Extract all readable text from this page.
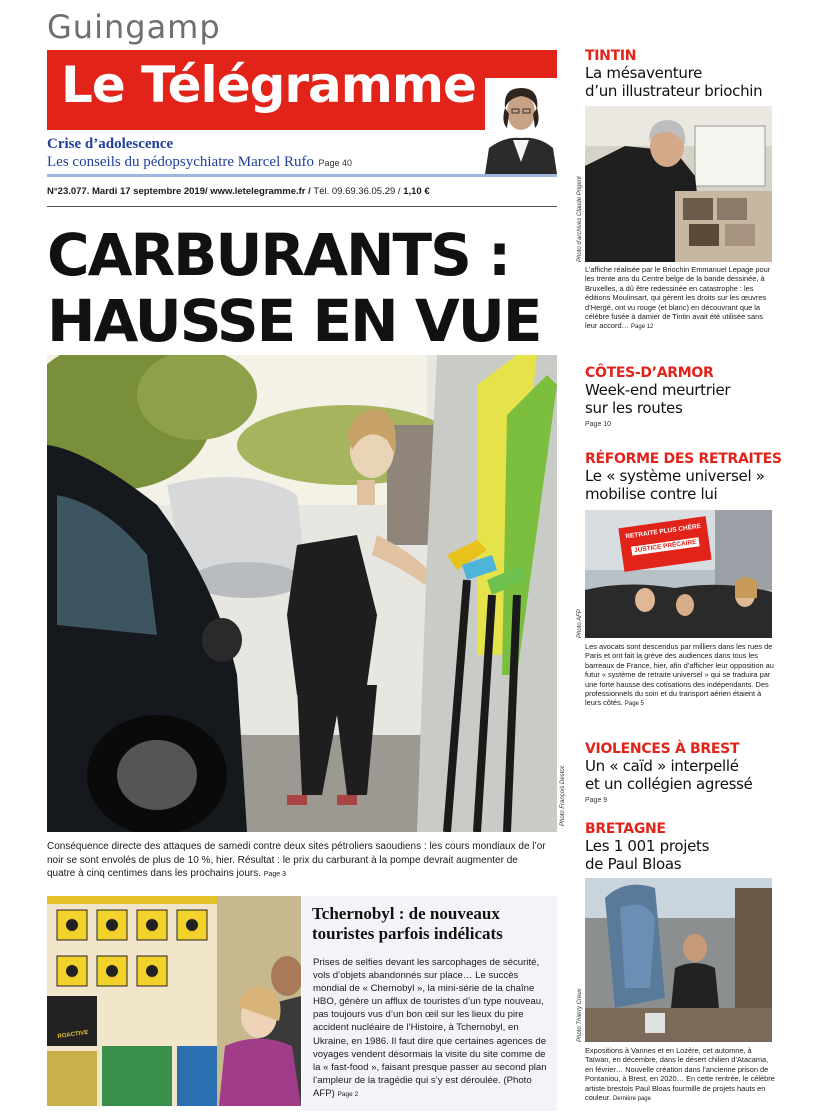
Guingamp
Le Télégramme
Crise d’adolescence
Les conseils du pédopsychiatre Marcel Rufo Page 40
N°23.077. Mardi 17 septembre 2019/ www.letelegramme.fr / Tél. 09.69.36.05.29 / 1,10 €
CARBURANTS :
HAUSSE EN VUE
Photo François Destoc
Conséquence directe des attaques de samedi contre deux sites pétroliers saoudiens : les cours mondiaux de l’or noir se sont envolés de plus de 10 %, hier. Résultat : le prix du carburant à la pompe devrait augmenter de quatre à cinq centimes dans les prochains jours. Page 3
ROACTIVE
Tchernobyl : de nouveaux touristes parfois indélicats
Prises de selfies devant les sarcophages de sécurité, vols d’objets abandonnés sur place… Le succès mondial de « Chernobyl », la mini-série de la chaîne HBO, génère un afflux de touristes d’un type nouveau, pas toujours vus d’un bon œil sur les lieux du pire accident nucléaire de l’Histoire, à Tchernobyl, en Ukraine, en 1986. Il faut dire que certaines agences de voyages vendent désormais la visite du site comme de la « fast-food », faisant presque passer au second plan l’ampleur de la tragédie qui s’y est déroulée. (Photo AFP) Page 2
TINTIN
La mésaventure
d’un illustrateur briochin
Photo d’archives Claude Prigent
L’affiche réalisée par le Briochin Emmanuel Lepage pour les trente ans du Centre belge de la bande dessinée, à Bruxelles, a dû être redessinée en catastrophe : les éditions Moulinsart, qui gèrent les droits sur les œuvres d’Hergé, ont vu rouge (et blanc) en découvrant que la célèbre fusée à damier de Tintin avait été utilisée sans leur accord… Page 12
CÔTES-D’ARMOR
Week-end meurtrier
sur les routes
Page 10
RÉFORME DES RETRAITES
Le « système universel »
mobilise contre lui
RETRAITE PLUS CHÈRE
JUSTICE PRÉCAIRE
Photo AFP
Les avocats sont descendus par milliers dans les rues de Paris et ont fait la grève des audiences dans tous les barreaux de France, hier, afin d’afficher leur opposition au futur « système de retraite universel » qui se traduira par une forte hausse des cotisations des indépendants. Des professionnels du soin et du transport aérien étaient à leurs côtés. Page 5
VIOLENCES À BREST
Un « caïd » interpellé
et un collégien agressé
Page 9
BRETAGNE
Les 1 001 projets
de Paul Bloas
Photo Thierry Creux
Expositions à Vannes et en Lozère, cet automne, à Taïwan, en décembre, dans le désert chilien d’Atacama, en février… Nouvelle création dans l’ancienne prison de Pontaniou, à Brest, en 2020… En cette rentrée, le célèbre artiste brestois Paul Bloas fourmille de projets hauts en couleur. Dernière page
